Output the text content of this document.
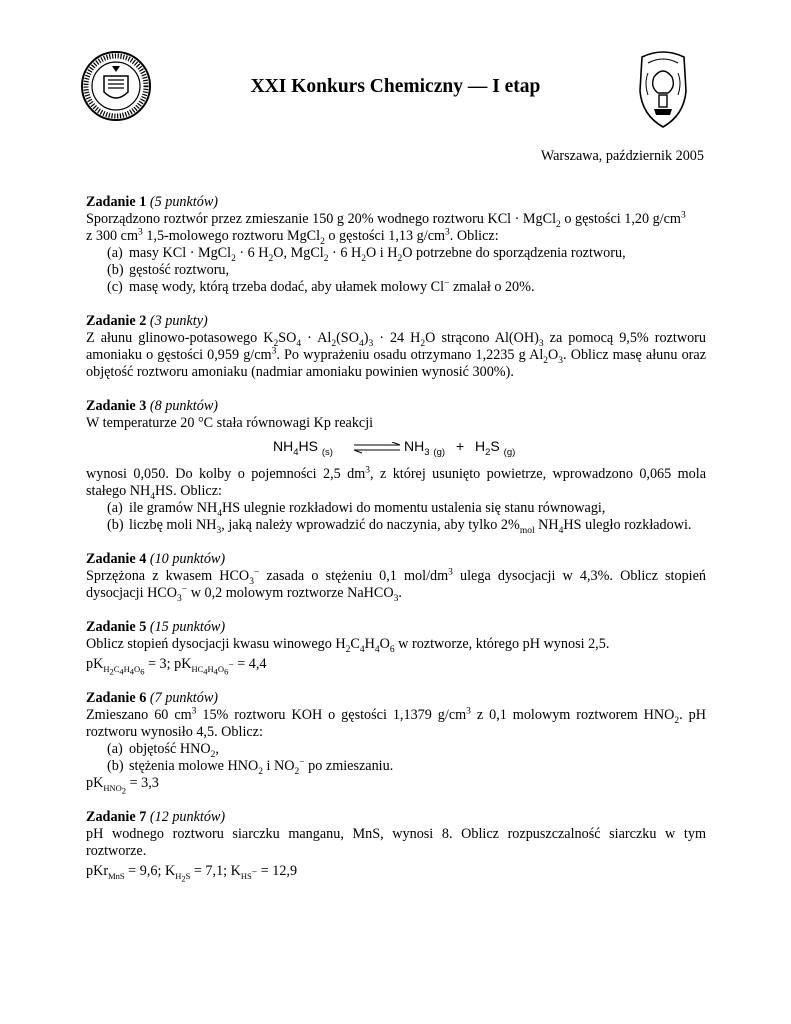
XXI Konkurs Chemiczny — I etap
Warszawa, październik 2005
Zadanie 1 (5 punktów)
Sporządzono roztwór przez zmieszanie 150 g 20% wodnego roztworu KCl · MgCl$_2$ o gęstości 1,20 $g/cm^3$
z 300 $cm^3$ 1,5-molowego roztworu MgCl$_2$ o gęstości 1,13 $g/cm^3$. Oblicz:
(a) masy KCl · MgCl$_2$ · 6 $H_2O$, MgCl$_2$ · 6 $H_2O$ i $H_2O$ potrzebne do sporządzenia roztworu,
(b) gęstość roztworu,
(c) masę wody, którą trzeba dodać, aby ułamek molowy Cl− zmalał o 20%.
Zadanie 2 (3 punkty)
Z ałunu glinowo-potasowego $K_2SO_4 \cdot Al_2(SO_4)_3 \cdot 24$ $H_2O$ strącono $Al(OH)_3$ za pomocą 9,5% roztworu amoniaku o gęstości 0,959 $g/cm^3$. Po wyprażeniu osadu otrzymano 1,2235 g $Al_2O_3$. Oblicz masę ałunu oraz objętość roztworu amoniaku (nadmiar amoniaku powinien wynosić 300%).
Zadanie 3 (8 punktów)
W temperaturze 20 °C stała równowagi Kp reakcji
$NH_4HS$ $_{(s)}$ ⇌ $NH_3$ $_{(g)} + H_2S$ $_{(g)}$
wynosi 0,050. Do kolby o pojemności 2,5 $dm^3$, z której usunięto powietrze, wprowadzono 0,065 mola stałego $NH_4HS$. Oblicz:
(a) ile gramów $NH_4HS$ ulegnie rozkładowi do momentu ustalenia się stanu równowagi,
(b) liczbę moli $NH_3$, jaką należy wprowadzić do naczynia, aby tylko $2\%_{mol}$ $NH_4HS$ uległo rozkładowi.
Zadanie 4 (10 punktów)
Sprzężona z kwasem $HCO_3^-$ zasada o stężeniu 0,1 mol/$dm^3$ ulega dysocjacji w 4,3%. Oblicz stopień dysocjacji $HCO_3^-$ w 0,2 molowym roztworze NaHCO$_3$.
Zadanie 5 (15 punktów)
Oblicz stopień dysocjacji kwasu winowego $H_2C_4H_4O_6$ w roztworze, którego pH wynosi 2,5.
$pK_{H_2C_4H_4O_6} = 3$; $pK_{HC_4H_4O_6^-} = 4,4$
Zadanie 6 (7 punktów)
Zmieszano 60 $cm^3$ 15% roztworu KOH o gęstości 1,1379 $g/cm^3$ z 0,1 molowym roztworem $HNO_2$. pH roztworu wynosiło 4,5. Oblicz:
(a) objętość $HNO_2$,
(b) stężenia molowe $HNO_2$ i $NO_2^-$ po zmieszaniu.
$pK_{HNO_2} = 3,3$
Zadanie 7 (12 punktów)
pH wodnego roztworu siarczku manganu, MnS, wynosi 8. Oblicz rozpuszczalność siarczku w tym roztworze.
pKr$_{MnS}$ = 9,6; $K_{H_2S} = 7,1$; $K_{HS^-} = 12,9$
